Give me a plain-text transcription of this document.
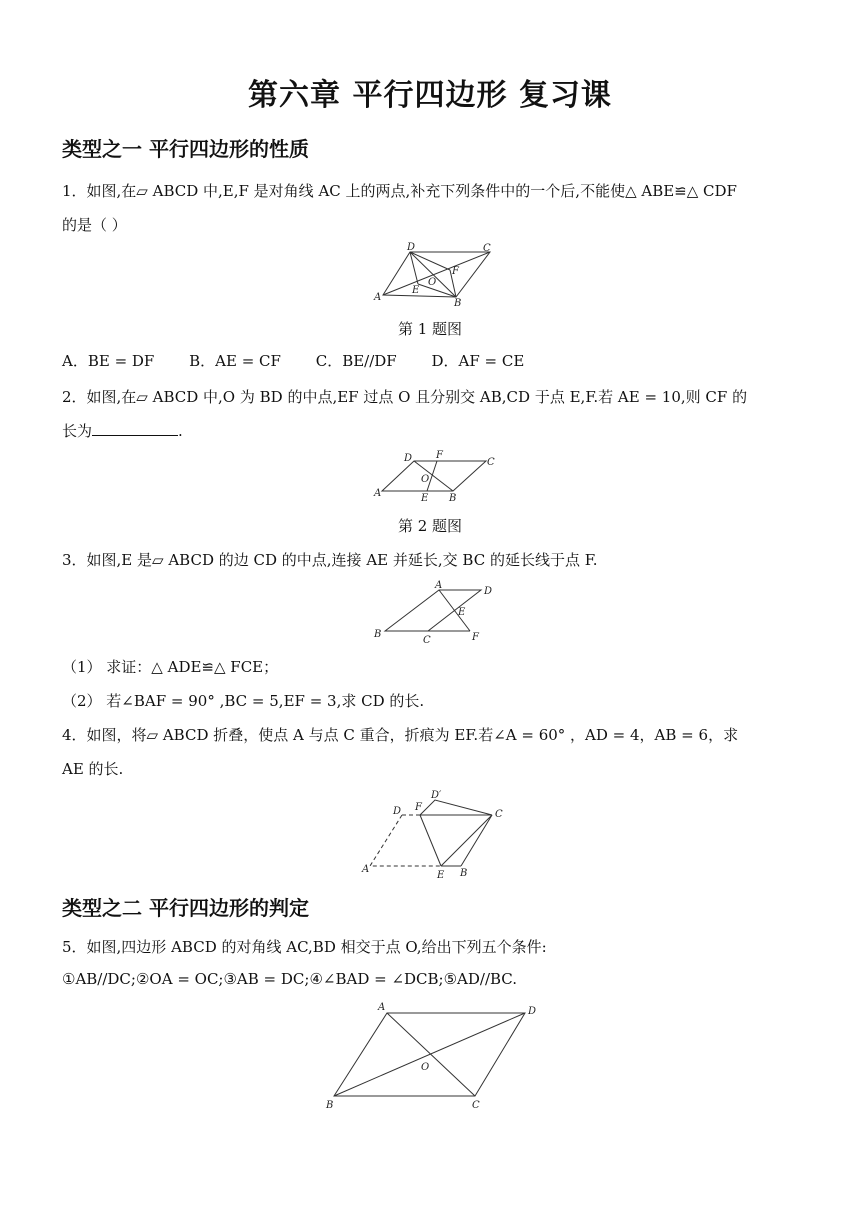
第六章 平行四边形 复习课
类型之一 平行四边形的性质
1．如图,在▱ ABCD 中,E,F 是对角线 AC 上的两点,补充下列条件中的一个后,不能使△ ABE≌△ CDF
的是（ ）
A
D	C
B
E
F
O
第 1 题图
A．BE = DF B．AE = CF C．BE//DF D．AF = CE
2．如图,在▱ ABCD 中,O 为 BD 的中点,EF 过点 O 且分别交 AB,CD 于点 E,F.若 AE = 10,则 CF 的
长为	.
A
D F
C
O
E B
第 2 题图
3．如图,E 是▱ ABCD 的边 CD 的中点,连接 AE 并延长,交 BC 的延长线于点 F.
B
A
D
E
C	F
（1） 求证：△ ADE≌△ FCE；
（2） 若∠BAF = 90° ,BC = 5,EF = 3,求 CD 的长.
4．如图，将▱ ABCD 折叠，使点 A 与点 C 重合，折痕为 EF.若∠A = 60° ，AD = 4，AB = 6，求
AE 的长.
D
D′
F
C
A
E B
类型之二 平行四边形的判定
5．如图,四边形 ABCD 的对角线 AC,BD 相交于点 O,给出下列五个条件:
①AB//DC;②OA = OC;③AB = DC;④∠BAD = ∠DCB;⑤AD//BC.
A	D
O
B	C
